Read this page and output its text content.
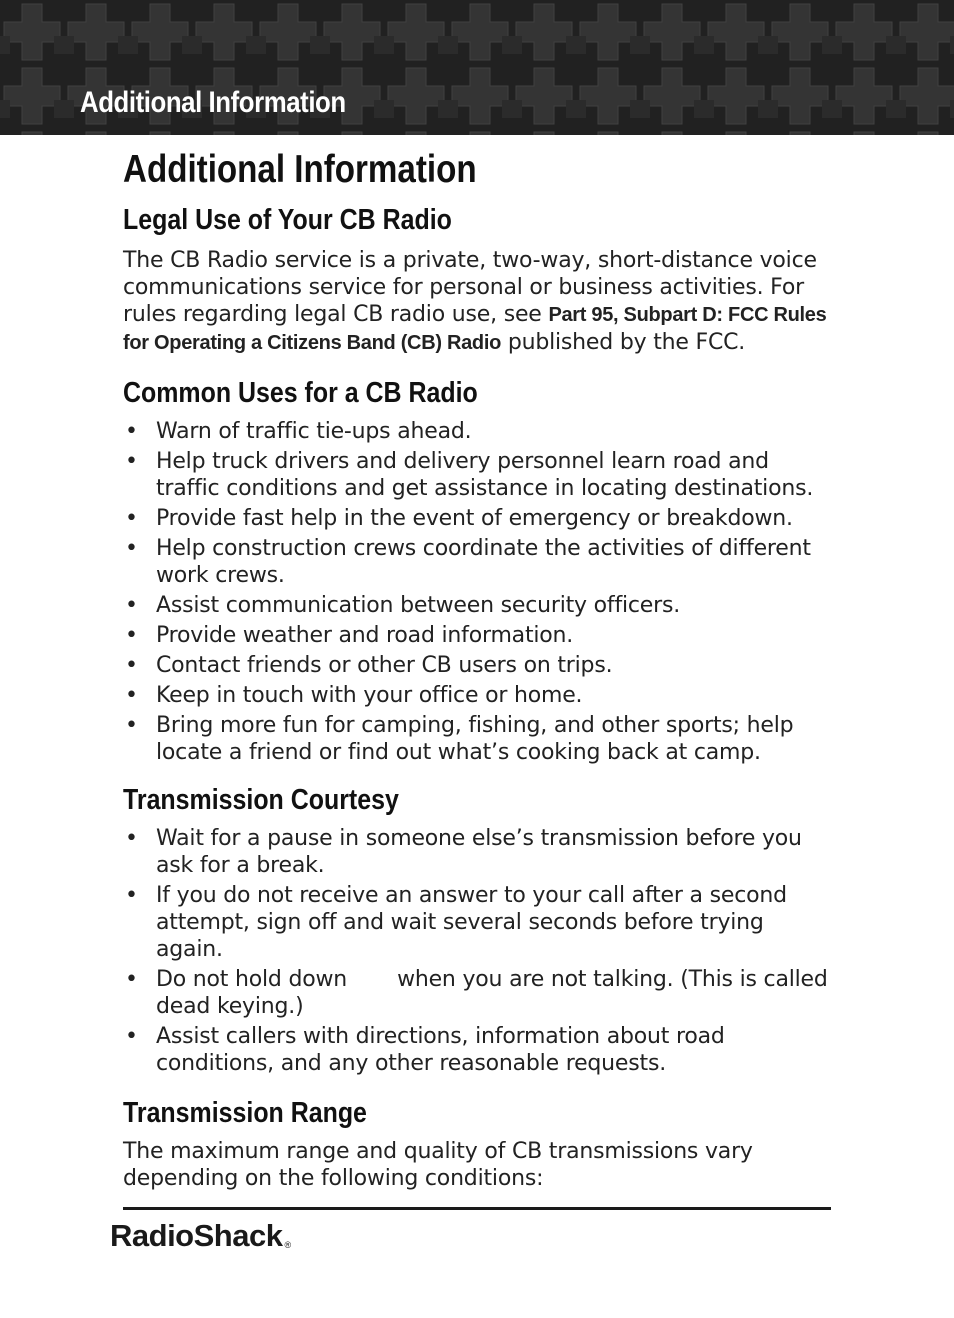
Additional Information
Additional Information
Legal Use of Your CB Radio

The CB Radio service is a private, two-way, short-distance voice communications service for personal or business activities. For rules regarding legal CB radio use, see Part 95, Subpart D: FCC Rules for Operating a Citizens Band (CB) Radio published by the FCC.

Common Uses for a CB Radio
• Warn of traffic tie-ups ahead.
• Help truck drivers and delivery personnel learn road and traffic conditions and get assistance in locating destinations.
• Provide fast help in the event of emergency or breakdown.
• Help construction crews coordinate the activities of different work crews.
• Assist communication between security officers.
• Provide weather and road information.
• Contact friends or other CB users on trips.
• Keep in touch with your office or home.
• Bring more fun for camping, fishing, and other sports; help locate a friend or find out what’s cooking back at camp.
Transmission Courtesy
• Wait for a pause in someone else’s transmission before you ask for a break.
• If you do not receive an answer to your call after a second attempt, sign off and wait several seconds before trying again.
• Do not hold down when you are not talking. (This is called dead keying.)
• Assist callers with directions, information about road conditions, and any other reasonable requests.
Transmission Range

The maximum range and quality of CB transmissions vary depending on the following conditions:

RadioShack ®
